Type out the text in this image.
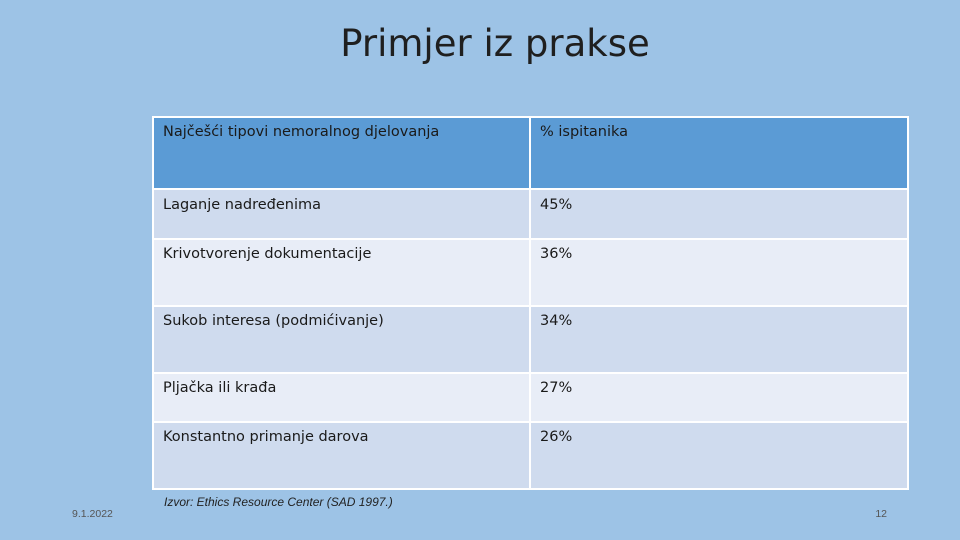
Primjer iz prakse
Najčešći tipovi nemoralnog djelovanja	% ispitanika
Laganje nadređenima	45%
Krivotvorenje dokumentacije	36%
Sukob interesa (podmićivanje)	34%
Pljačka ili krađa	27%
Konstantno primanje darova	26%
Izvor: Ethics Resource Center (SAD 1997.)
9.1.2022	12
